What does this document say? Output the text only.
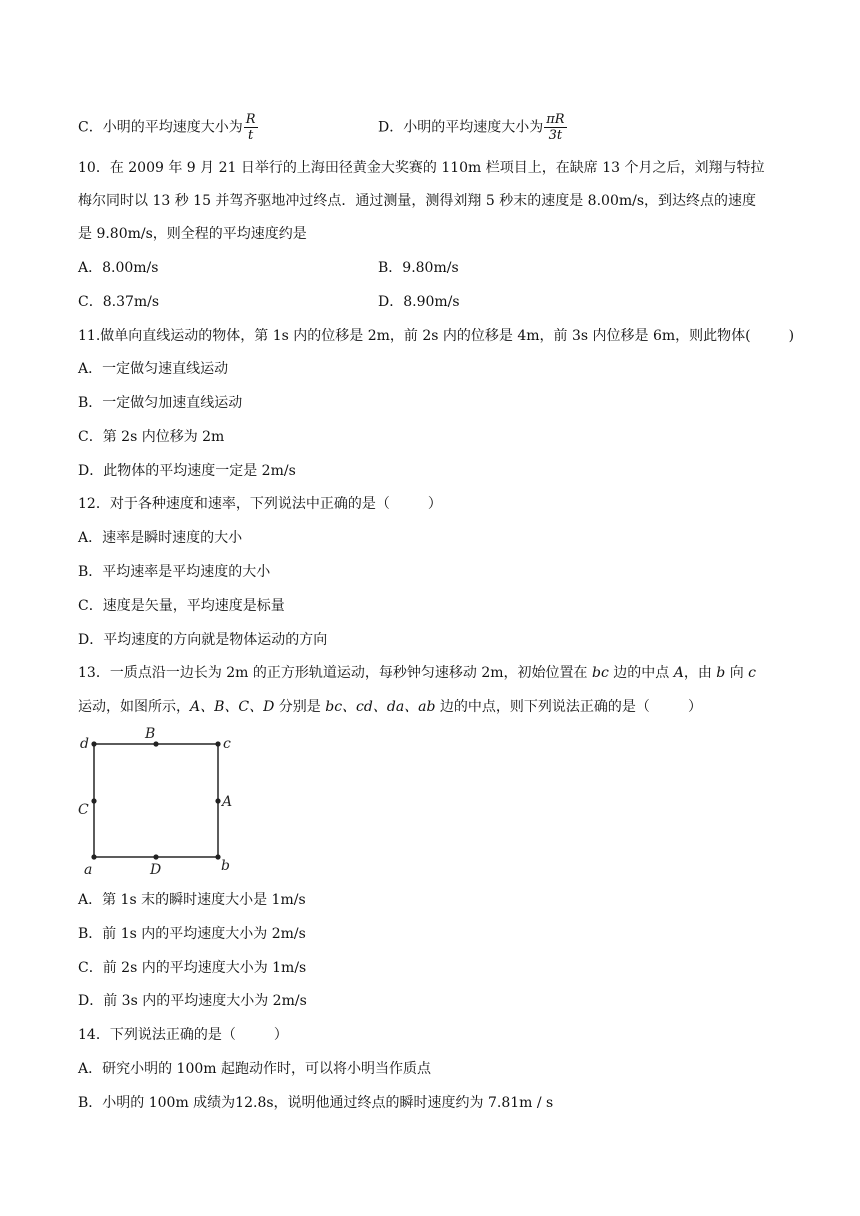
C．小明的平均速度大小为 $\frac{R}{t}$	D．小明的平均速度大小为 $\frac{\pi R}{3t}$
10．在 2009 年 9 月 21 日举行的上海田径黄金大奖赛的 110m 栏项目上，在缺席 13 个月之后，刘翔与特拉
梅尔同时以 13 秒 15 并驾齐驱地冲过终点．通过测量，测得刘翔 5 秒末的速度是 8.00m/s，到达终点的速度
是 9.80m/s，则全程的平均速度约是
A．8.00m/s	B．9.80m/s
C．8.37m/s	D．8.90m/s
11.做单向直线运动的物体，第 1s 内的位移是 2m，前 2s 内的位移是 4m，前 3s 内位移是 6m，则此物体(	)
A．一定做匀速直线运动
B．一定做匀加速直线运动
C．第 2s 内位移为 2m
D．此物体的平均速度一定是 2m/s
12．对于各种速度和速率，下列说法中正确的是（	）
A．速率是瞬时速度的大小
B．平均速率是平均速度的大小
C．速度是矢量，平均速度是标量
D．平均速度的方向就是物体运动的方向
13．一质点沿一边长为 2m 的正方形轨道运动，每秒钟匀速移动 2m，初始位置在 bc 边的中点 A，由 b 向 c
运动，如图所示，A、B、C、D 分别是 bc、cd、da、ab 边的中点，则下列说法正确的是（	）
d
B
c
C	A
a	D	b
A．第 1s 末的瞬时速度大小是 1m/s
B．前 1s 内的平均速度大小为 2m/s
C．前 2s 内的平均速度大小为 1m/s
D．前 3s 内的平均速度大小为 2m/s
14．下列说法正确的是（	）
A．研究小明的 100m 起跑动作时，可以将小明当作质点
B．小明的 100m 成绩为12.8s，说明他通过终点的瞬时速度约为 7.81m / s
